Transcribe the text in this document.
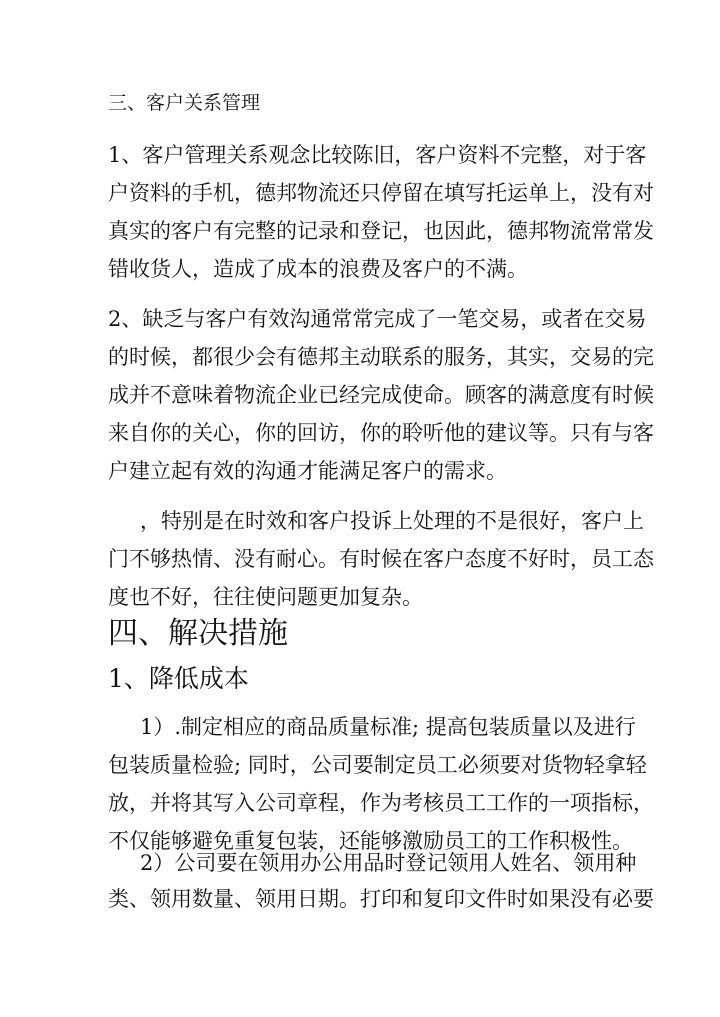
三、客户关系管理
1、客户管理关系观念比较陈旧，客户资料不完整，对于客
户资料的手机，德邦物流还只停留在填写托运单上，没有对
真实的客户有完整的记录和登记，也因此，德邦物流常常发
错收货人，造成了成本的浪费及客户的不满。
2、缺乏与客户有效沟通常常完成了一笔交易，或者在交易
的时候，都很少会有德邦主动联系的服务，其实，交易的完
成并不意味着物流企业已经完成使命。顾客的满意度有时候
来自你的关心，你的回访，你的聆听他的建议等。只有与客
户建立起有效的沟通才能满足客户的需求。
，特别是在时效和客户投诉上处理的不是很好，客户上
门不够热情、没有耐心。有时候在客户态度不好时，员工态
度也不好，往往使问题更加复杂。
四、解决措施
1、降低成本
1）.制定相应的商品质量标准; 提高包装质量以及进行
包装质量检验; 同时，公司要制定员工必须要对货物轻拿轻
放，并将其写入公司章程，作为考核员工工作的一项指标，
不仅能够避免重复包装，还能够激励员工的工作积极性。
2）公司要在领用办公用品时登记领用人姓名、领用种
类、领用数量、领用日期。打印和复印文件时如果没有必要
